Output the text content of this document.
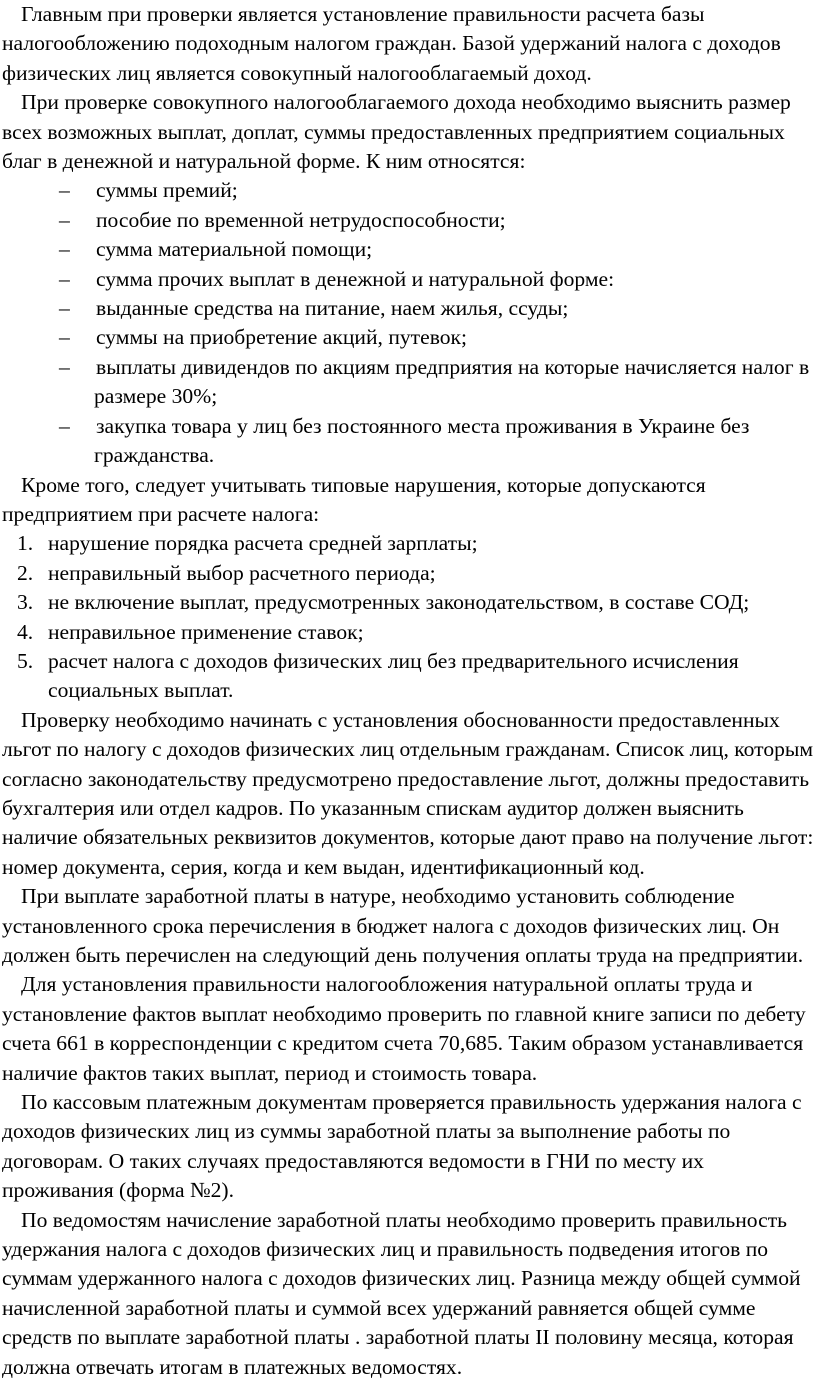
Главным при проверки является установление правильности расчета базы налогообложению подоходным налогом граждан. Базой удержаний налога с доходов физических лиц является совокупный налогооблагаемый доход.

При проверке совокупного налогооблагаемого дохода необходимо выяснить размер всех возможных выплат, доплат, суммы предоставленных предприятием социальных благ в денежной и натуральной форме. К ним относятся:

– суммы премий;
– пособие по временной нетрудоспособности;
– сумма материальной помощи;
– сумма прочих выплат в денежной и натуральной форме:
– выданные средства на питание, наем жилья, ссуды;
– суммы на приобретение акций, путевок;
– выплаты дивидендов по акциям предприятия на которые начисляется налог в размере 30%;
– закупка товара у лиц без постоянного места проживания в Украине без гражданства.

Кроме того, следует учитывать типовые нарушения, которые допускаются предприятием при расчете налога:

1. нарушение порядка расчета средней зарплаты;
2. неправильный выбор расчетного периода;
3. не включение выплат, предусмотренных законодательством, в составе СОД;
4. неправильное применение ставок;
5. расчет налога с доходов физических лиц без предварительного исчисления социальных выплат.

Проверку необходимо начинать с установления обоснованности предоставленных льгот по налогу с доходов физических лиц отдельным гражданам. Список лиц, которым согласно законодательству предусмотрено предоставление льгот, должны предоставить бухгалтерия или отдел кадров. По указанным спискам аудитор должен выяснить наличие обязательных реквизитов документов, которые дают право на получение льгот: номер документа, серия, когда и кем выдан, идентификационный код.

При выплате заработной платы в натуре, необходимо установить соблюдение установленного срока перечисления в бюджет налога с доходов физических лиц. Он должен быть перечислен на следующий день получения оплаты труда на предприятии.

Для установления правильности налогообложения натуральной оплаты труда и установление фактов выплат необходимо проверить по главной книге записи по дебету счета 661 в корреспонденции с кредитом счета 70,685. Таким образом устанавливается наличие фактов таких выплат, период и стоимость товара.

По кассовым платежным документам проверяется правильность удержания налога с доходов физических лиц из суммы заработной платы за выполнение работы по договорам. О таких случаях предоставляются ведомости в ГНИ по месту их проживания (форма №2).

По ведомостям начисление заработной платы необходимо проверить правильность удержания налога с доходов физических лиц и правильность подведения итогов по суммам удержанного налога с доходов физических лиц. Разница между общей суммой начисленной заработной платы и суммой всех удержаний равняется общей сумме средств по выплате заработной платы . заработной платы II половину месяца, которая должна отвечать итогам в платежных ведомостях.
